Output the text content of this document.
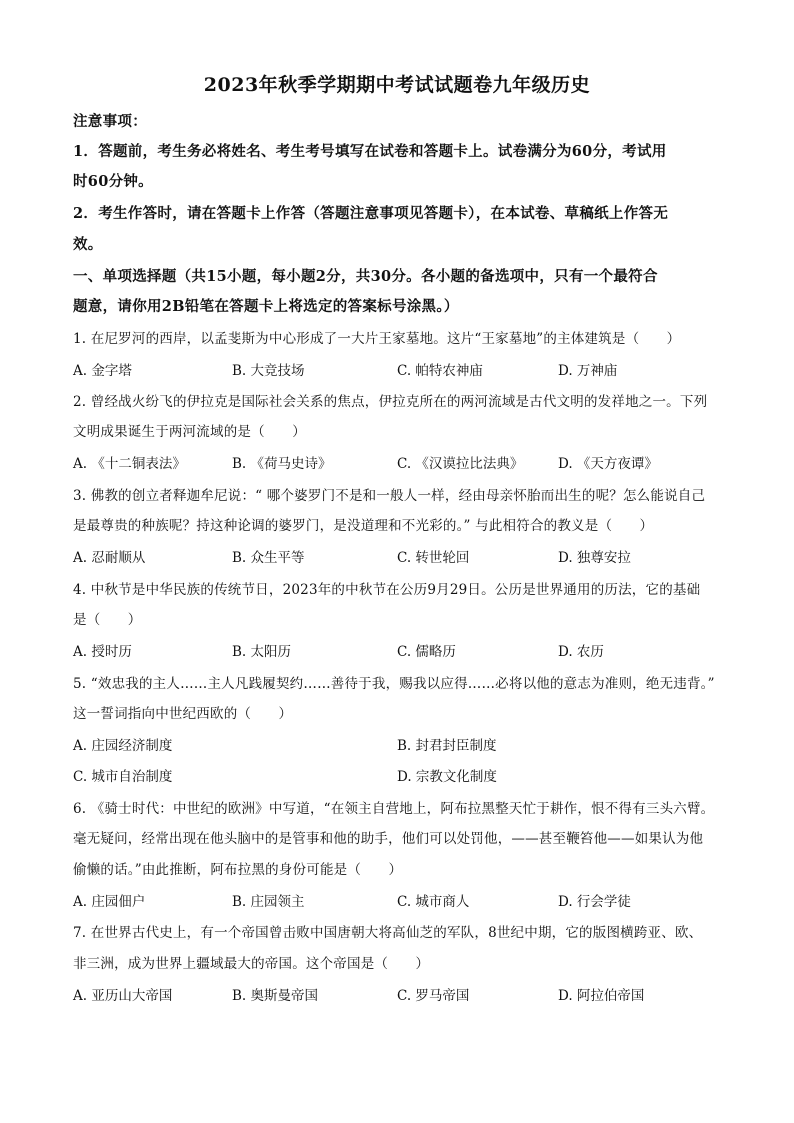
2023年秋季学期期中考试试题卷九年级历史
注意事项：
1．答题前，考生务必将姓名、考生考号填写在试卷和答题卡上。试卷满分为60分，考试用
时60分钟。
2．考生作答时，请在答题卡上作答（答题注意事项见答题卡），在本试卷、草稿纸上作答无
效。
一、单项选择题（共15小题，每小题2分，共30分。各小题的备选项中，只有一个最符合
题意，请你用2B铅笔在答题卡上将选定的答案标号涂黑。）
1. 在尼罗河的西岸，以孟斐斯为中心形成了一大片王家墓地。这片“王家墓地”的主体建筑是（　　）
A. 金字塔	B. 大竞技场	C. 帕特农神庙	D. 万神庙
2. 曾经战火纷飞的伊拉克是国际社会关系的焦点，伊拉克所在的两河流域是古代文明的发祥地之一。下列
文明成果诞生于两河流域的是（　　）
A. 《十二铜表法》	B. 《荷马史诗》	C. 《汉谟拉比法典》	D. 《天方夜谭》
3. 佛教的创立者释迦牟尼说：“ 哪个婆罗门不是和一般人一样，经由母亲怀胎而出生的呢？怎么能说自己
是最尊贵的种族呢？持这种论调的婆罗门，是没道理和不光彩的。” 与此相符合的教义是（　　）
A. 忍耐顺从	B. 众生平等	C. 转世轮回	D. 独尊安拉
4. 中秋节是中华民族的传统节日，2023年的中秋节在公历9月29日。公历是世界通用的历法，它的基础
是（　　）
A. 授时历	B. 太阳历	C. 儒略历	D. 农历
5. “效忠我的主人……主人凡践履契约……善待于我，赐我以应得……必将以他的意志为准则，绝无违背。”
这一誓词指向中世纪西欧的（　　）
A. 庄园经济制度	B. 封君封臣制度
C. 城市自治制度	D. 宗教文化制度
6. 《骑士时代：中世纪的欧洲》中写道，“在领主自营地上，阿布拉黑整天忙于耕作，恨不得有三头六臂。
毫无疑问，经常出现在他头脑中的是管事和他的助手，他们可以处罚他，——甚至鞭笞他——如果认为他
偷懒的话。”由此推断，阿布拉黑的身份可能是（　　）
A. 庄园佃户	B. 庄园领主	C. 城市商人	D. 行会学徒
7. 在世界古代史上，有一个帝国曾击败中国唐朝大将高仙芝的军队，8世纪中期，它的版图横跨亚、欧、
非三洲，成为世界上疆域最大的帝国。这个帝国是（　　）
A. 亚历山大帝国	B. 奥斯曼帝国	C. 罗马帝国	D. 阿拉伯帝国
